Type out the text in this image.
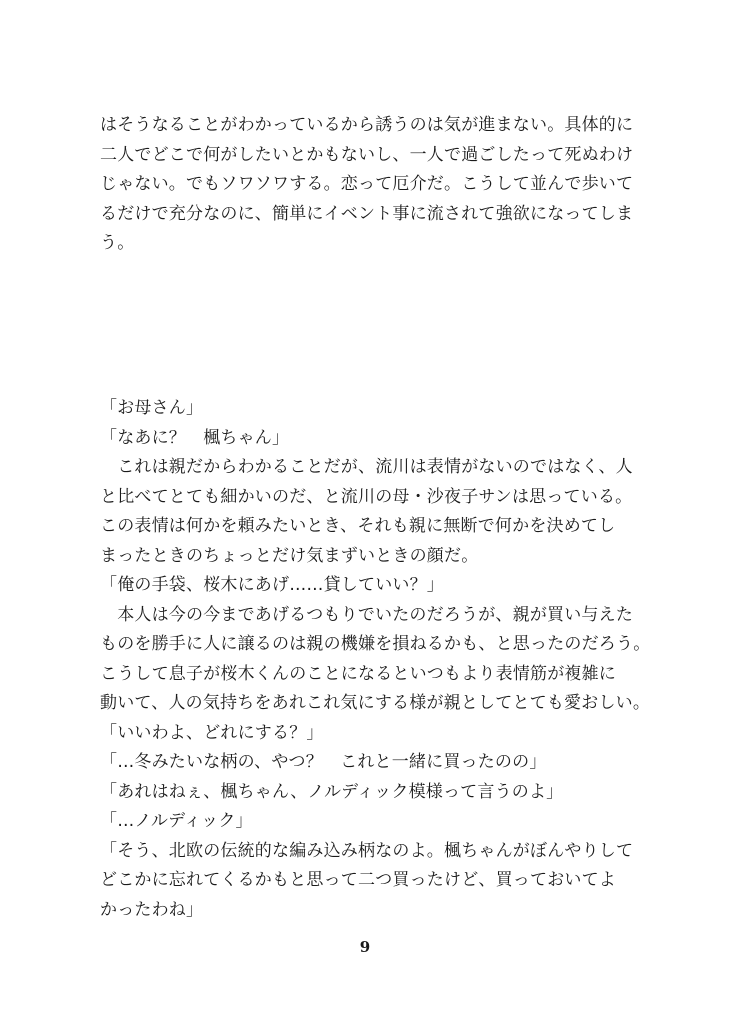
はそうなることがわかっているから誘うのは気が進まない。具体的に
二人でどこで何がしたいとかもないし、一人で過ごしたって死ぬわけ
じゃない。でもソワソワする。恋って厄介だ。こうして並んで歩いて
るだけで充分なのに、簡単にイベント事に流されて強欲になってしま
う。
「お母さん」
「なあに？　楓ちゃん」
　これは親だからわかることだが、流川は表情がないのではなく、人
と比べてとても細かいのだ、と流川の母・沙夜子サンは思っている。
この表情は何かを頼みたいとき、それも親に無断で何かを決めてし
まったときのちょっとだけ気まずいときの顔だ。
「俺の手袋、桜木にあげ……貸していい？」
　本人は今の今まであげるつもりでいたのだろうが、親が買い与えた
ものを勝手に人に譲るのは親の機嫌を損ねるかも、と思ったのだろう。
こうして息子が桜木くんのことになるといつもより表情筋が複雑に
動いて、人の気持ちをあれこれ気にする様が親としてとても愛おしい。
「いいわよ、どれにする？」
「…冬みたいな柄の、やつ？　これと一緒に買ったのの」
「あれはねぇ、楓ちゃん、ノルディック模様って言うのよ」
「…ノルディック」
「そう、北欧の伝統的な編み込み柄なのよ。楓ちゃんがぼんやりして
どこかに忘れてくるかもと思って二つ買ったけど、買っておいてよ
かったわね」
9
